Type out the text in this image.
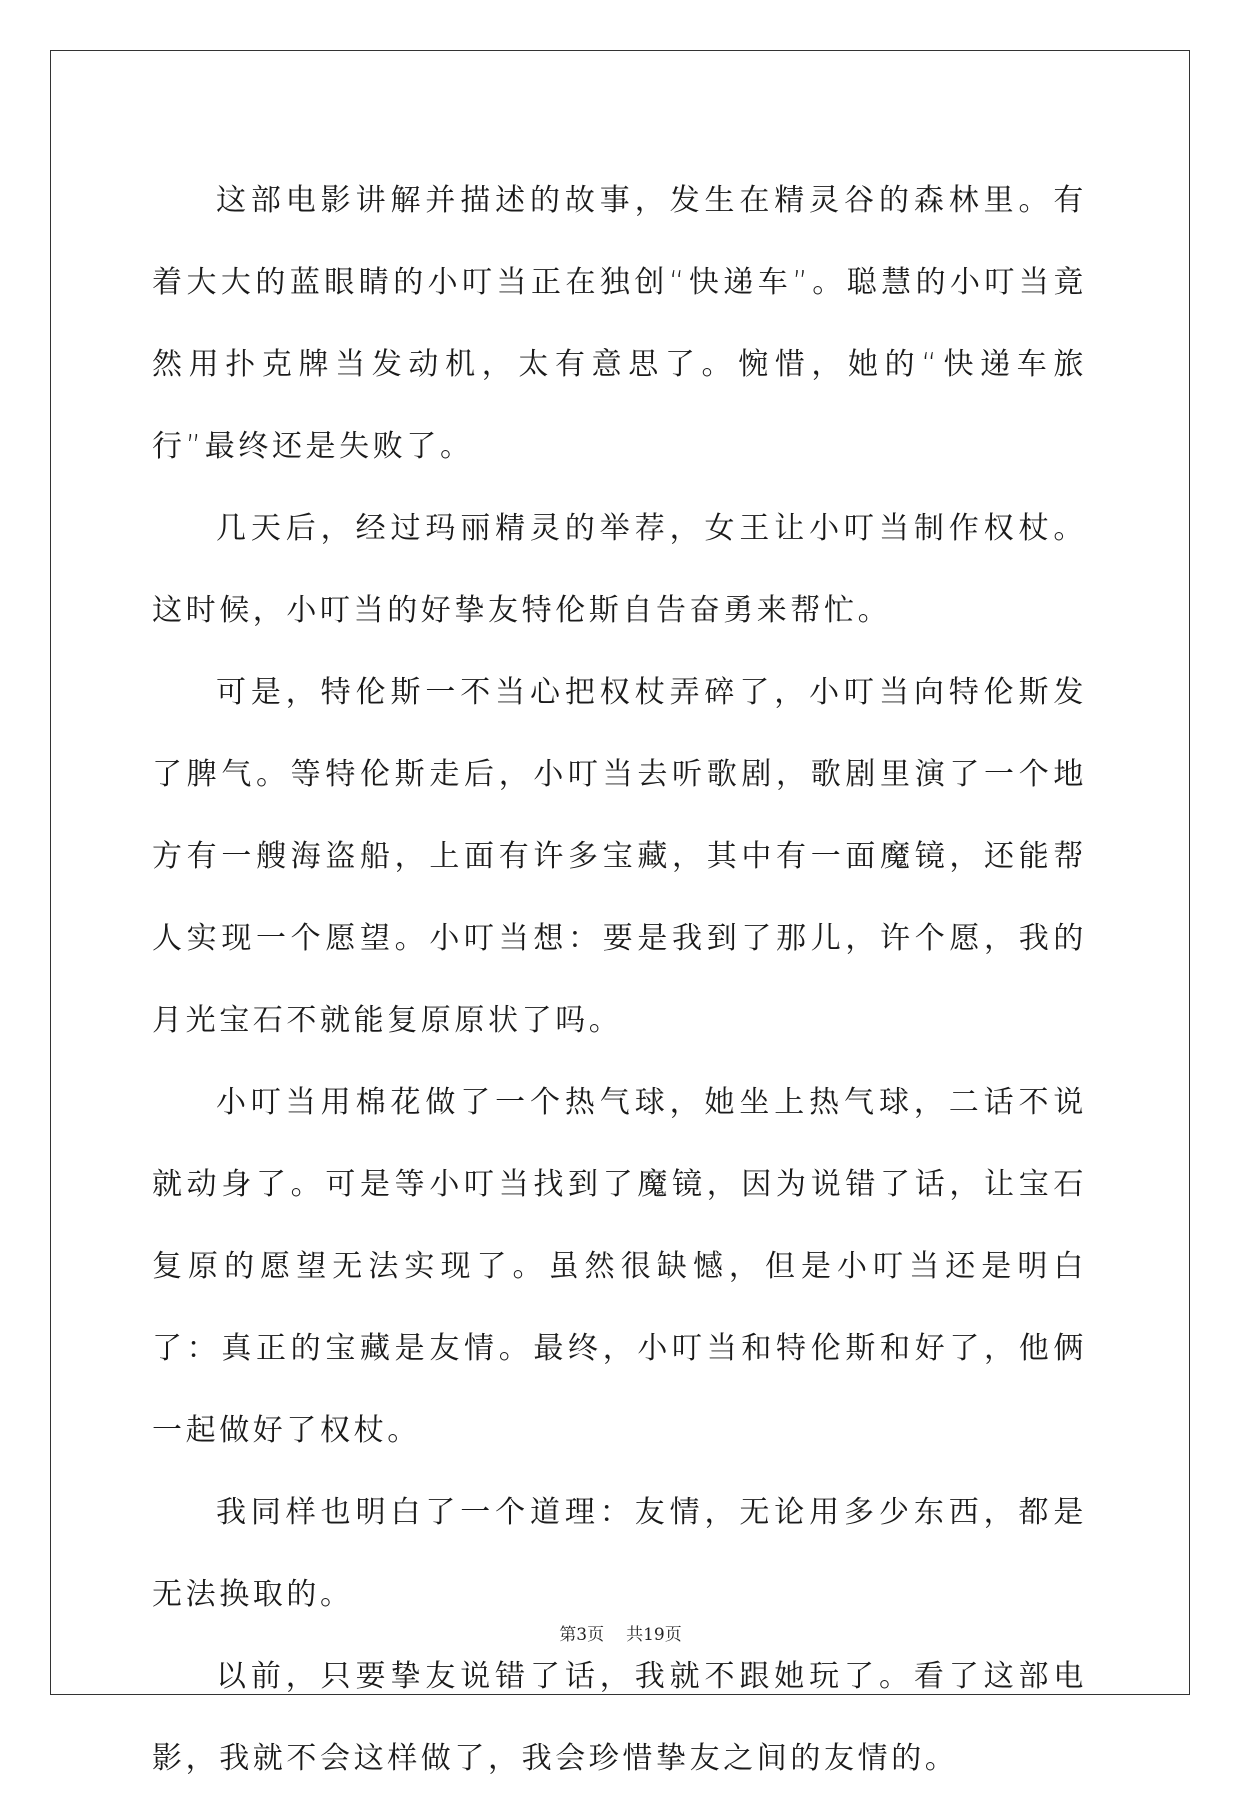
这部电影讲解并描述的故事，发生在精灵谷的森林里。有着大大的蓝眼睛的小叮当正在独创“快递车”。聪慧的小叮当竟然用扑克牌当发动机，太有意思了。惋惜，她的“快递车旅行”最终还是失败了。

几天后，经过玛丽精灵的举荐，女王让小叮当制作权杖。这时候，小叮当的好挚友特伦斯自告奋勇来帮忙。

可是，特伦斯一不当心把权杖弄碎了，小叮当向特伦斯发了脾气。等特伦斯走后，小叮当去听歌剧，歌剧里演了一个地方有一艘海盗船，上面有许多宝藏，其中有一面魔镜，还能帮人实现一个愿望。小叮当想：要是我到了那儿，许个愿，我的月光宝石不就能复原原状了吗。

小叮当用棉花做了一个热气球，她坐上热气球，二话不说就动身了。可是等小叮当找到了魔镜，因为说错了话，让宝石复原的愿望无法实现了。虽然很缺憾，但是小叮当还是明白了：真正的宝藏是友情。最终，小叮当和特伦斯和好了，他俩一起做好了权杖。

我同样也明白了一个道理：友情，无论用多少东西，都是无法换取的。

以前，只要挚友说错了话，我就不跟她玩了。看了这部电影，我就不会这样做了，我会珍惜挚友之间的友情的。

第3页 共19页
